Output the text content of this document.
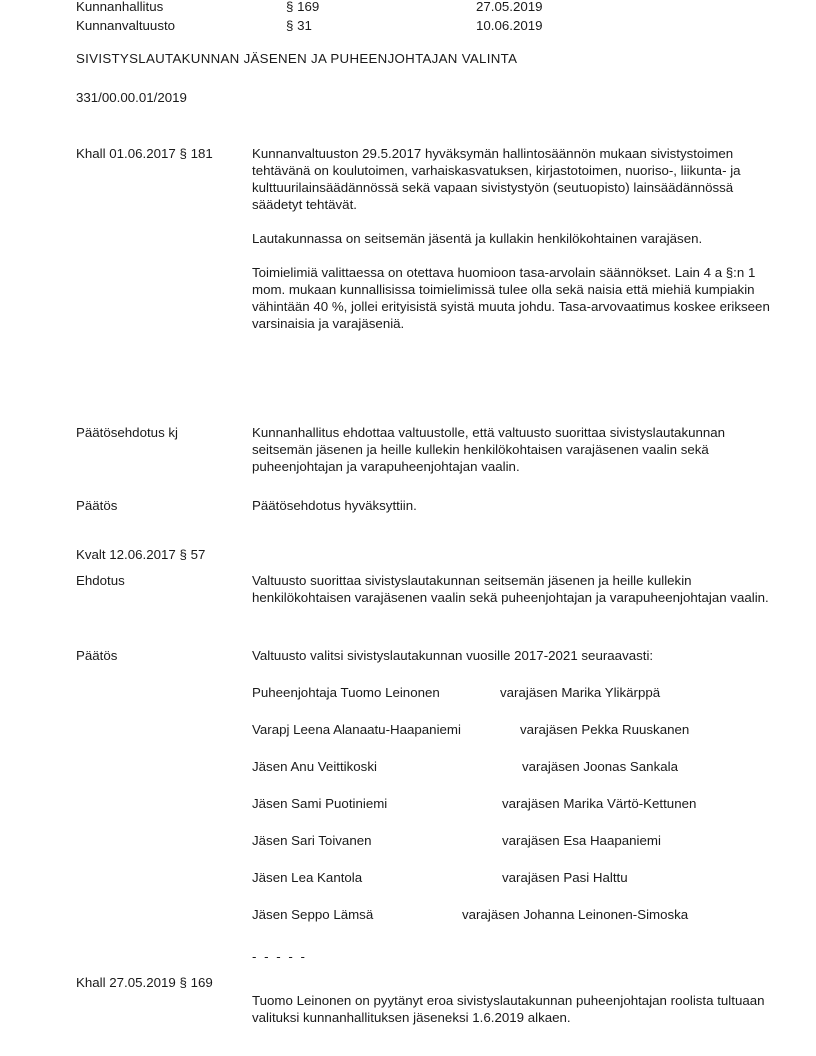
Kunnanhallitus	§ 169	27.05.2019
Kunnanvaltuusto	§ 31	10.06.2019
SIVISTYSLAUTAKUNNAN JÄSENEN JA PUHEENJOHTAJAN VALINTA
331/00.00.01/2019
Khall 01.06.2017 § 181	Kunnanvaltuuston 29.5.2017 hyväksymän hallintosäännön mukaan sivistystoimen tehtävänä on koulutoimen, varhaiskasvatuksen, kirjastotoimen, nuoriso-, liikunta- ja kulttuurilainsäädännössä sekä vapaan sivistystyön (seutuopisto) lainsäädännössä säädetyt tehtävät.

Lautakunnassa on seitsemän jäsentä ja kullakin henkilökohtainen varajäsen.

Toimielimiä valittaessa on otettava huomioon tasa-arvolain säännökset. Lain 4 a §:n 1 mom. mukaan kunnallisissa toimielimissä tulee olla sekä naisia että miehiä kumpiakin vähintään 40 %, jollei erityisistä syistä muuta johdu. Tasa-arvovaatimus koskee erikseen varsinaisia ja varajäseniä.

Päätösehdotus kj	Kunnanhallitus ehdottaa valtuustolle, että valtuusto suorittaa sivistyslautakunnan seitsemän jäsenen ja heille kullekin henkilökohtaisen varajäsenen vaalin sekä puheenjohtajan ja varapuheenjohtajan vaalin.

Päätös	Päätösehdotus hyväksyttiin.

Kvalt 12.06.2017 § 57
Ehdotus	Valtuusto suorittaa sivistyslautakunnan seitsemän jäsenen ja heille kullekin henkilökohtaisen varajäsenen vaalin sekä puheenjohtajan ja varapuheenjohtajan vaalin.

Päätös	Valtuusto valitsi sivistyslautakunnan vuosille 2017-2021 seuraavasti:

Puheenjohtaja Tuomo Leinonen	varajäsen Marika Ylikärppä
Varapj Leena Alanaatu-Haapaniemi	varajäsen Pekka Ruuskanen
Jäsen Anu Veittikoski	varajäsen Joonas Sankala
Jäsen Sami Puotiniemi	varajäsen Marika Värtö-Kettunen
Jäsen Sari Toivanen	varajäsen Esa Haapaniemi
Jäsen Lea Kantola	varajäsen Pasi Halttu
Jäsen Seppo Lämsä	varajäsen Johanna Leinonen-Simoska
- - - - -
Khall 27.05.2019 § 169

Tuomo Leinonen on pyytänyt eroa sivistyslautakunnan puheenjohtajan roolista tultuaan valituksi kunnanhallituksen jäseneksi 1.6.2019 alkaen.
